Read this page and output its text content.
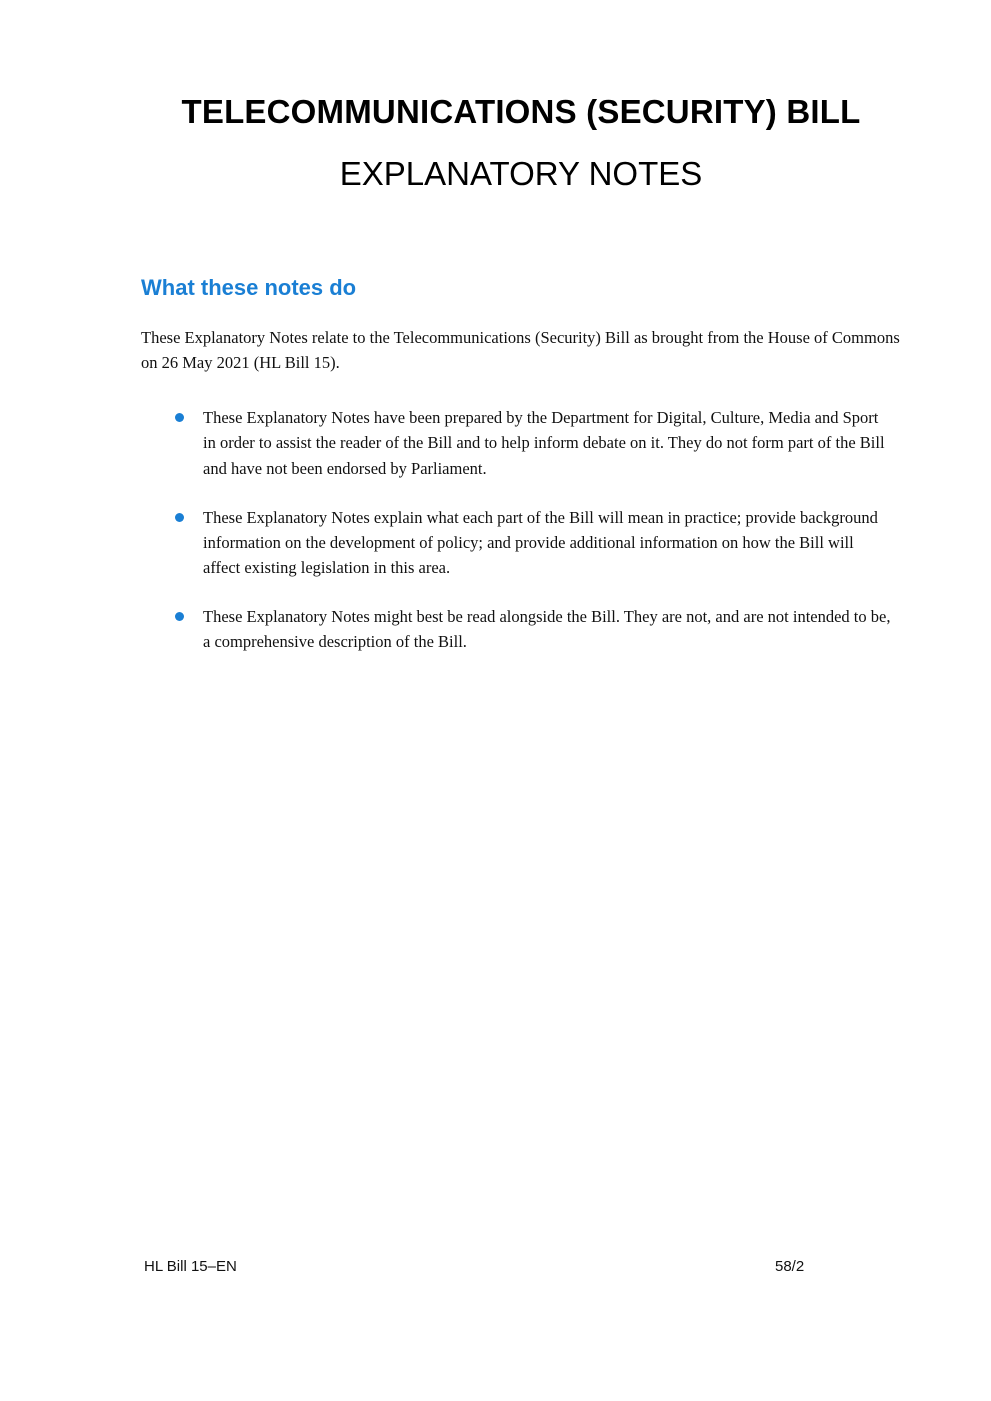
TELECOMMUNICATIONS (SECURITY) BILL
EXPLANATORY NOTES
What these notes do

These Explanatory Notes relate to the Telecommunications (Security) Bill as brought from the House of Commons on 26 May 2021 (HL Bill 15).

These Explanatory Notes have been prepared by the Department for Digital, Culture, Media and Sport in order to assist the reader of the Bill and to help inform debate on it. They do not form part of the Bill and have not been endorsed by Parliament.
These Explanatory Notes explain what each part of the Bill will mean in practice; provide background information on the development of policy; and provide additional information on how the Bill will affect existing legislation in this area.
These Explanatory Notes might best be read alongside the Bill. They are not, and are not intended to be, a comprehensive description of the Bill.
HL Bill 15–EN	58/2
